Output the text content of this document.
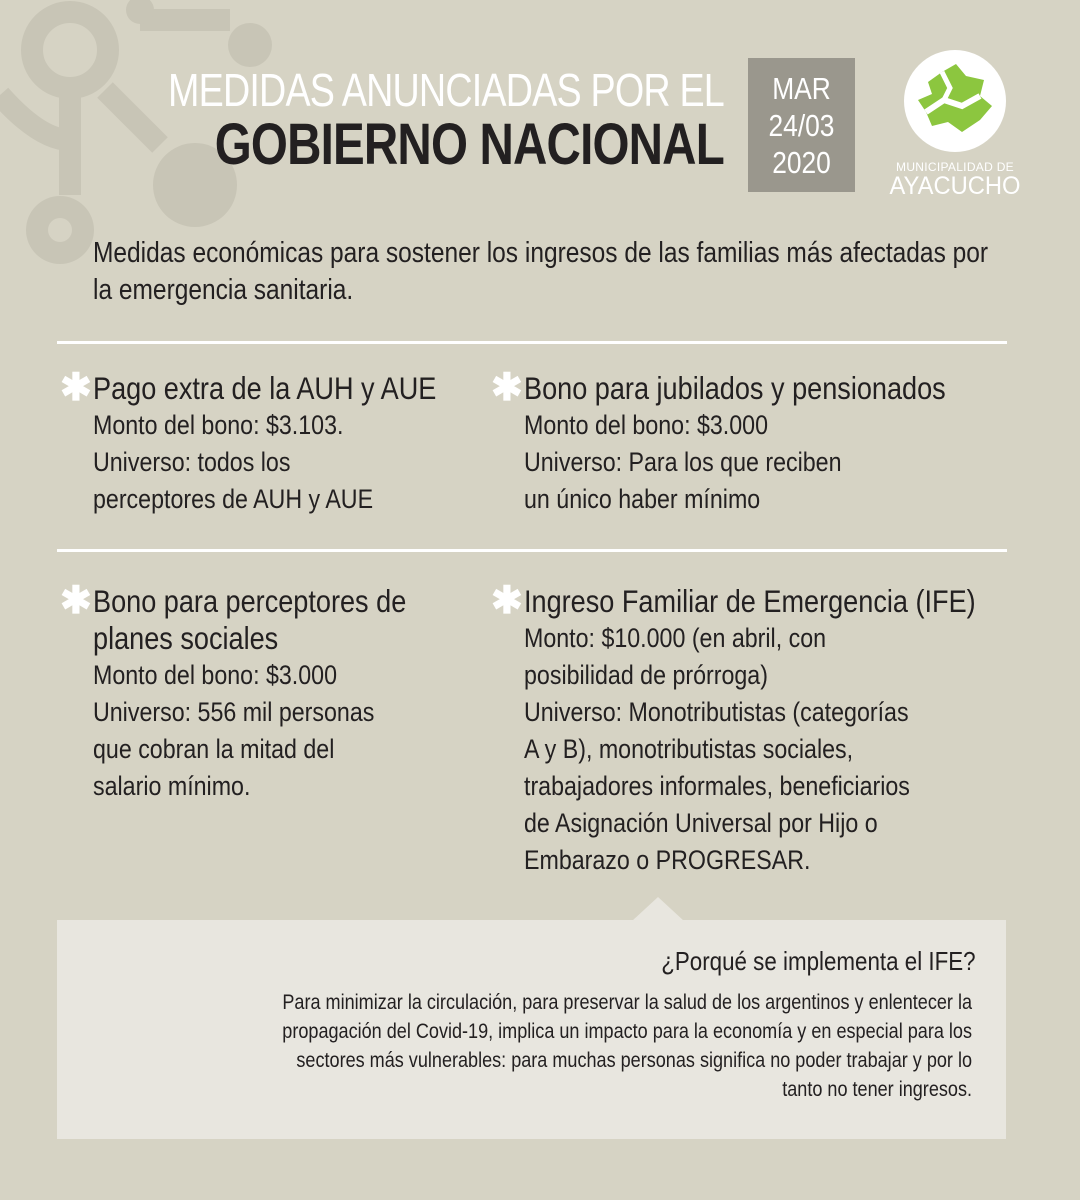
MEDIDAS ANUNCIADAS POR EL
GOBIERNO NACIONAL
MAR
24/03
2020	MUNICIPALIDAD DE
AYACUCHO
Medidas económicas para sostener los ingresos de las familias más afectadas por la emergencia sanitaria.
✱ Pago extra de la AUH y AUE
Monto del bono: $3.103.
Universo: todos los
perceptores de AUH y AUE
✱ Bono para jubilados y pensionados
Monto del bono: $3.000
Universo: Para los que reciben
un único haber mínimo
✱ Bono para perceptores de
planes sociales
Monto del bono: $3.000
Universo: 556 mil personas
que cobran la mitad del
salario mínimo.
✱ Ingreso Familiar de Emergencia (IFE)
Monto: $10.000 (en abril, con
posibilidad de prórroga)
Universo: Monotributistas (categorías
A y B), monotributistas sociales,
trabajadores informales, beneficiarios
de Asignación Universal por Hijo o
Embarazo o PROGRESAR.
¿Porqué se implementa el IFE?
Para minimizar la circulación, para preservar la salud de los argentinos y enlentecer la
propagación del Covid-19, implica un impacto para la economía y en especial para los
sectores más vulnerables: para muchas personas significa no poder trabajar y por lo
tanto no tener ingresos.
